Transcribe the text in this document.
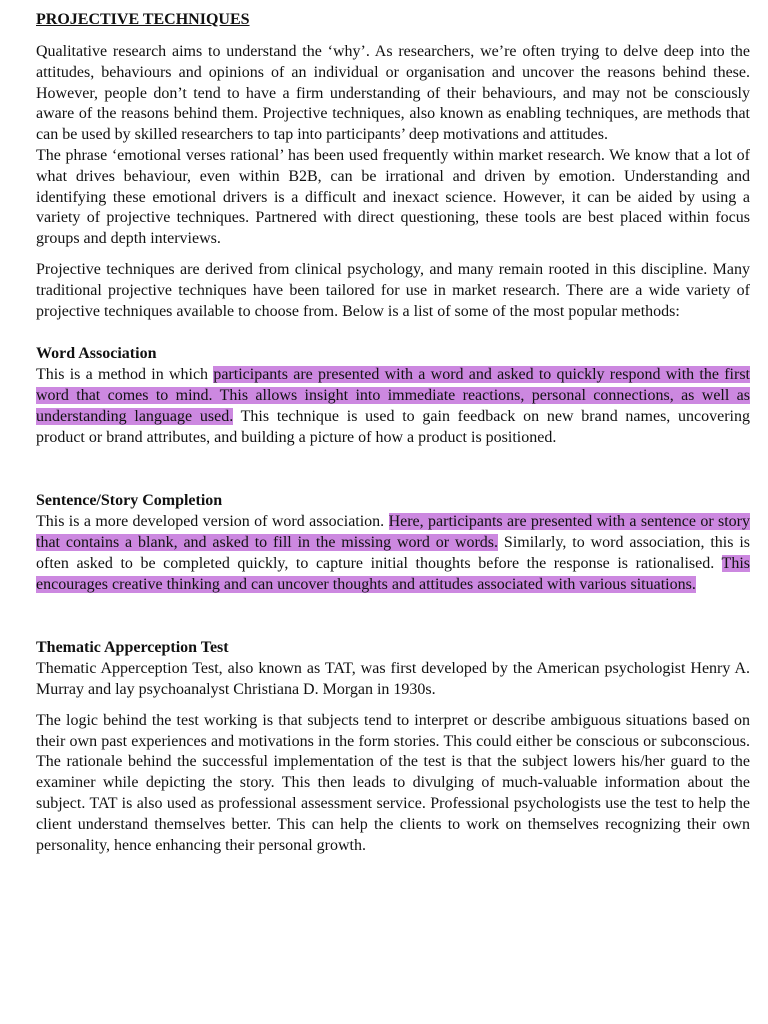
PROJECTIVE TECHNIQUES

Qualitative research aims to understand the ‘why’. As researchers, we’re often trying to delve deep into the attitudes, behaviours and opinions of an individual or organisation and uncover the reasons behind these. However, people don’t tend to have a firm understanding of their behaviours, and may not be consciously aware of the reasons behind them. Projective techniques, also known as enabling techniques, are methods that can be used by skilled researchers to tap into participants’ deep motivations and attitudes.

The phrase ‘emotional verses rational’ has been used frequently within market research. We know that a lot of what drives behaviour, even within B2B, can be irrational and driven by emotion. Understanding and identifying these emotional drivers is a difficult and inexact science. However, it can be aided by using a variety of projective techniques. Partnered with direct questioning, these tools are best placed within focus groups and depth interviews.

Projective techniques are derived from clinical psychology, and many remain rooted in this discipline. Many traditional projective techniques have been tailored for use in market research. There are a wide variety of projective techniques available to choose from. Below is a list of some of the most popular methods:

Word Association

This is a method in which participants are presented with a word and asked to quickly respond with the first word that comes to mind. This allows insight into immediate reactions, personal connections, as well as understanding language used. This technique is used to gain feedback on new brand names, uncovering product or brand attributes, and building a picture of how a product is positioned.

Sentence/Story Completion

This is a more developed version of word association. Here, participants are presented with a sentence or story that contains a blank, and asked to fill in the missing word or words. Similarly, to word association, this is often asked to be completed quickly, to capture initial thoughts before the response is rationalised. This encourages creative thinking and can uncover thoughts and attitudes associated with various situations.

Thematic Apperception Test

Thematic Apperception Test, also known as TAT, was first developed by the American psychologist Henry A. Murray and lay psychoanalyst Christiana D. Morgan in 1930s.

The logic behind the test working is that subjects tend to interpret or describe ambiguous situations based on their own past experiences and motivations in the form stories. This could either be conscious or subconscious. The rationale behind the successful implementation of the test is that the subject lowers his/her guard to the examiner while depicting the story. This then leads to divulging of much-valuable information about the subject. TAT is also used as professional assessment service. Professional psychologists use the test to help the client understand themselves better. This can help the clients to work on themselves recognizing their own personality, hence enhancing their personal growth.
